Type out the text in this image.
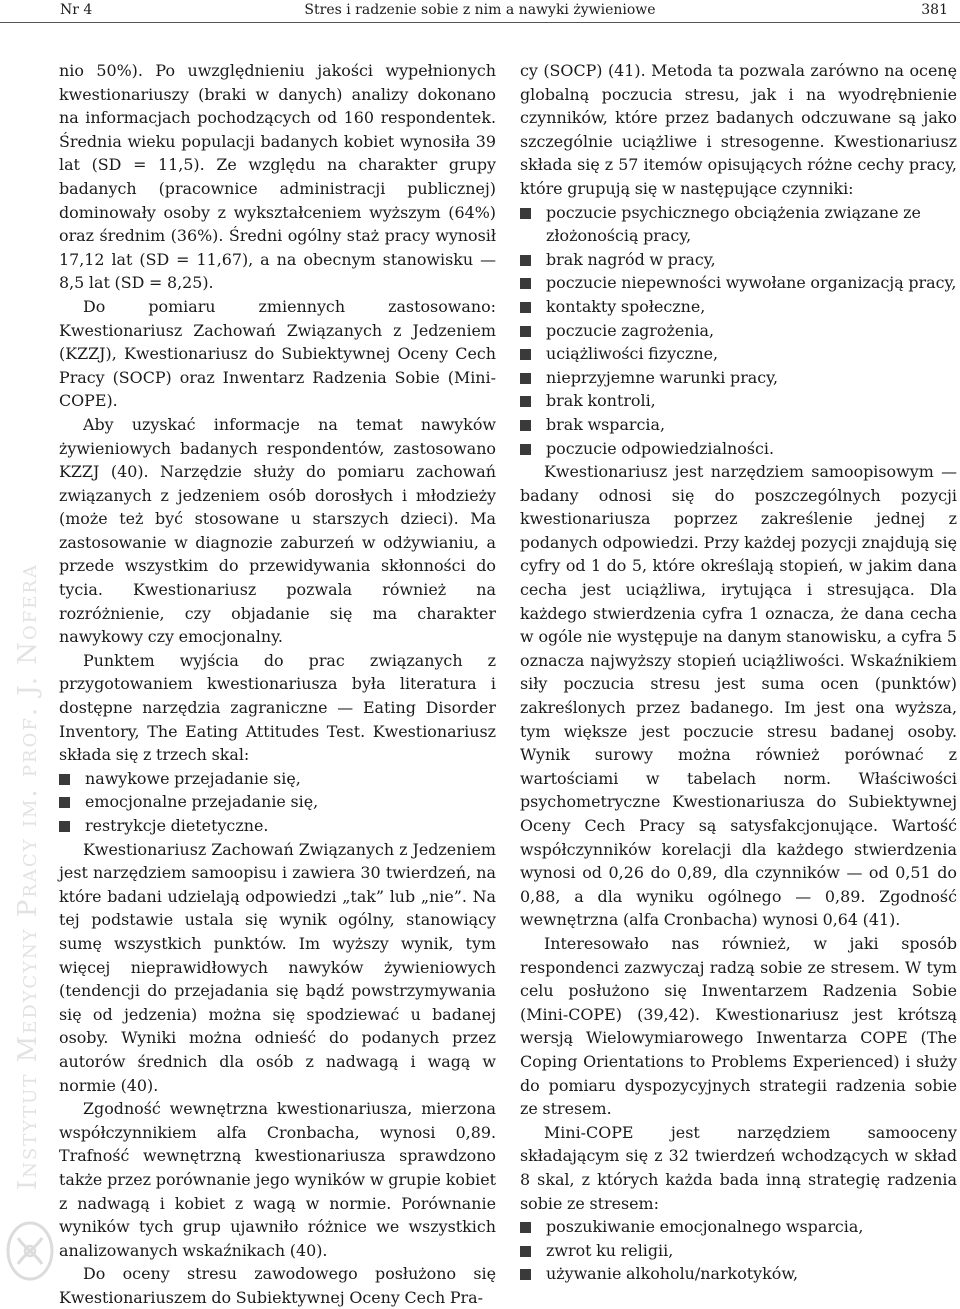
Nr 4	Stres i radzenie sobie z nim a nawyki żywieniowe	381
Instytut Medycyny Pracy im. prof. J. Nofera

nio 50%). Po uwzględnieniu jakości wypełnionych kwestionariuszy (braki w danych) analizy dokonano na informacjach pochodzących od 160 respondentek. Średnia wieku populacji badanych kobiet wynosiła 39 lat (SD = 11,5). Ze względu na charakter grupy badanych (pracownice administracji publicznej) dominowały osoby z wykształceniem wyższym (64%) oraz średnim (36%). Średni ogólny staż pracy wynosił 17,12 lat (SD = 11,67), a na obecnym stanowisku — 8,5 lat (SD = 8,25).

Do pomiaru zmiennych zastosowano: Kwestionariusz Zachowań Związanych z Jedzeniem (KZZJ), Kwestionariusz do Subiektywnej Oceny Cech Pracy (SOCP) oraz Inwentarz Radzenia Sobie (Mini-COPE).

Aby uzyskać informacje na temat nawyków żywieniowych badanych respondentów, zastosowano KZZJ (40). Narzędzie służy do pomiaru zachowań związanych z jedzeniem osób dorosłych i młodzieży (może też być stosowane u starszych dzieci). Ma zastosowanie w diagnozie zaburzeń w odżywianiu, a przede wszystkim do przewidywania skłonności do tycia. Kwestionariusz pozwala również na rozróżnienie, czy objadanie się ma charakter nawykowy czy emocjonalny.

Punktem wyjścia do prac związanych z przygotowaniem kwestionariusza była literatura i dostępne narzędzia zagraniczne — Eating Disorder Inventory, The Eating Attitudes Test. Kwestionariusz składa się z trzech skal:

nawykowe przejadanie się,
emocjonalne przejadanie się,
restrykcje dietetyczne.

Kwestionariusz Zachowań Związanych z Jedzeniem jest narzędziem samoopisu i zawiera 30 twierdzeń, na które badani udzielają odpowiedzi „tak” lub „nie”. Na tej podstawie ustala się wynik ogólny, stanowiący sumę wszystkich punktów. Im wyższy wynik, tym więcej nieprawidłowych nawyków żywieniowych (tendencji do przejadania się bądź powstrzymywania się od jedzenia) można się spodziewać u badanej osoby. Wyniki można odnieść do podanych przez autorów średnich dla osób z nadwagą i wagą w normie (40).

Zgodność wewnętrzna kwestionariusza, mierzona współczynnikiem alfa Cronbacha, wynosi 0,89. Trafność wewnętrzną kwestionariusza sprawdzono także przez porównanie jego wyników w grupie kobiet z nadwagą i kobiet z wagą w normie. Porównanie wyników tych grup ujawniło różnice we wszystkich analizowanych wskaźnikach (40).

Do oceny stresu zawodowego posłużono się Kwestionariuszem do Subiektywnej Oceny Cech Pra-

cy (SOCP) (41). Metoda ta pozwala zarówno na ocenę globalną poczucia stresu, jak i na wyodrębnienie czynników, które przez badanych odczuwane są jako szczególnie uciążliwe i stresogenne. Kwestionariusz składa się z 57 itemów opisujących różne cechy pracy, które grupują się w następujące czynniki:

poczucie psychicznego obciążenia związane ze złożonością pracy,
brak nagród w pracy,
poczucie niepewności wywołane organizacją pracy,
kontakty społeczne,
poczucie zagrożenia,
uciążliwości fizyczne,
nieprzyjemne warunki pracy,
brak kontroli,
brak wsparcia,
poczucie odpowiedzialności.

Kwestionariusz jest narzędziem samoopisowym — badany odnosi się do poszczególnych pozycji kwestionariusza poprzez zakreślenie jednej z podanych odpowiedzi. Przy każdej pozycji znajdują się cyfry od 1 do 5, które określają stopień, w jakim dana cecha jest uciążliwa, irytująca i stresująca. Dla każdego stwierdzenia cyfra 1 oznacza, że dana cecha w ogóle nie występuje na danym stanowisku, a cyfra 5 oznacza najwyższy stopień uciążliwości. Wskaźnikiem siły poczucia stresu jest suma ocen (punktów) zakreślonych przez badanego. Im jest ona wyższa, tym większe jest poczucie stresu badanej osoby. Wynik surowy można również porównać z wartościami w tabelach norm. Właściwości psychometryczne Kwestionariusza do Subiektywnej Oceny Cech Pracy są satysfakcjonujące. Wartość współczynników korelacji dla każdego stwierdzenia wynosi od 0,26 do 0,89, dla czynników — od 0,51 do 0,88, a dla wyniku ogólnego — 0,89. Zgodność wewnętrzna (alfa Cronbacha) wynosi 0,64 (41).

Interesowało nas również, w jaki sposób respondenci zazwyczaj radzą sobie ze stresem. W tym celu posłużono się Inwentarzem Radzenia Sobie (Mini-COPE) (39,42). Kwestionariusz jest krótszą wersją Wielowymiarowego Inwentarza COPE (The Coping Orientations to Problems Experienced) i służy do pomiaru dyspozycyjnych strategii radzenia sobie ze stresem.

Mini-COPE jest narzędziem samooceny składającym się z 32 twierdzeń wchodzących w skład 8 skal, z których każda bada inną strategię radzenia sobie ze stresem:

poszukiwanie emocjonalnego wsparcia,
zwrot ku religii,
używanie alkoholu/narkotyków,
